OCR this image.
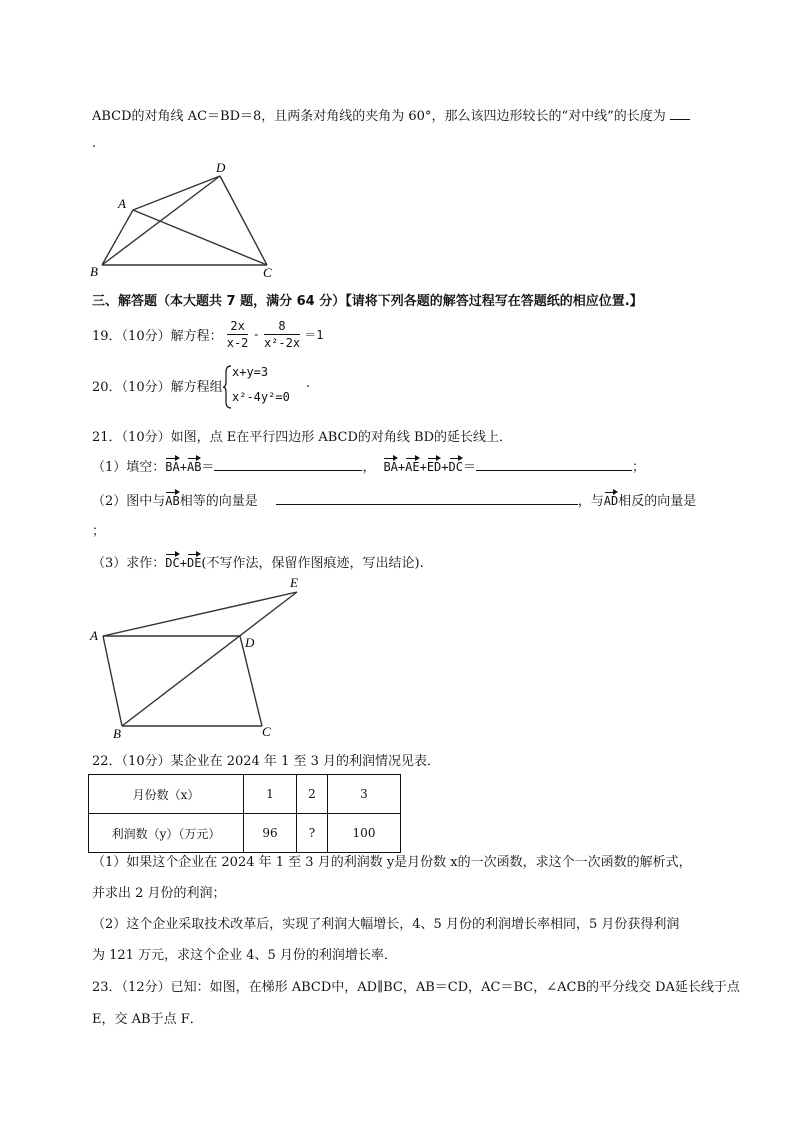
ABCD的对角线 AC＝BD＝8，且两条对角线的夹角为 60°，那么该四边形较长的“对中线”的长度为
.
A
B	C
D
三、解答题（本大题共 7 题，满分 64 分）【请将下列各题的解答过程写在答题纸的相应位置.】
19．（10分）解方程： $\frac{2x}{x-2} - \frac{8}{\text{x²-2x}} =1$
20．（10分）解方程组：
x+y=3
x²-4y²=0
.
21．（10分）如图，点 E在平行四边形 ABCD的对角线 BD的延长线上．
（1）填空：BA+AB＝	， BA+AE+ED+DC＝	；
（2）图中与AB相等的向量是	，与AD相反的向量是
；
（3）求作：DC+DE(不写作法，保留作图痕迹，写出结论).
A
B	C
D
E
22．（10分）某企业在 2024 年 1 至 3 月的利润情况见表．
月份数（x）	1	2	3
利润数（y）（万元）	96	?	100
（1）如果这个企业在 2024 年 1 至 3 月的利润数 y是月份数 x的一次函数，求这个一次函数的解析式，
并求出 2 月份的利润；
（2）这个企业采取技术改革后，实现了利润大幅增长，4、5 月份的利润增长率相同，5 月份获得利润
为 121 万元，求这个企业 4、5 月份的利润增长率．
23．（12分）已知：如图，在梯形 ABCD中，AD∥BC，AB＝CD，AC＝BC，∠ACB的平分线交 DA延长线于点
E，交 AB于点 F．
